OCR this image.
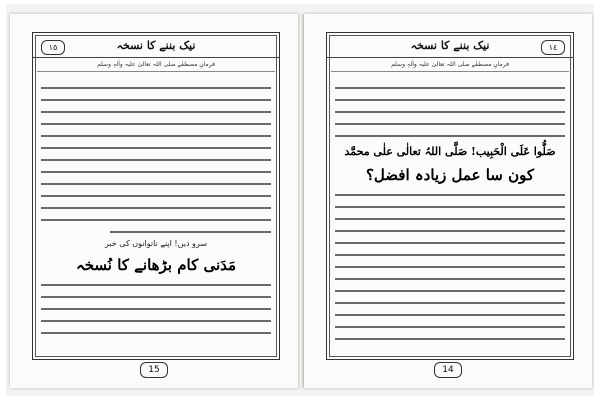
١٥	نیک بننے کا نسخہ
فرمانِ مصطفٰے صلی اللہ تعالیٰ علیہ واٰلہٖ وسلم
سرو دیں! اپنے ناتوانوں کی خبر
مَدَنی کام بڑھانے کا نُسخہ
15
١٤
نیک بننے کا نسخہ
فرمانِ مصطفٰے صلی اللہ تعالیٰ علیہ واٰلہٖ وسلم
صَلُّوا عَلَی الْحَبِیب! صَلَّی اللہُ تعالٰی علٰی محمَّد
کون سا عمل زیادہ افضل؟
14
